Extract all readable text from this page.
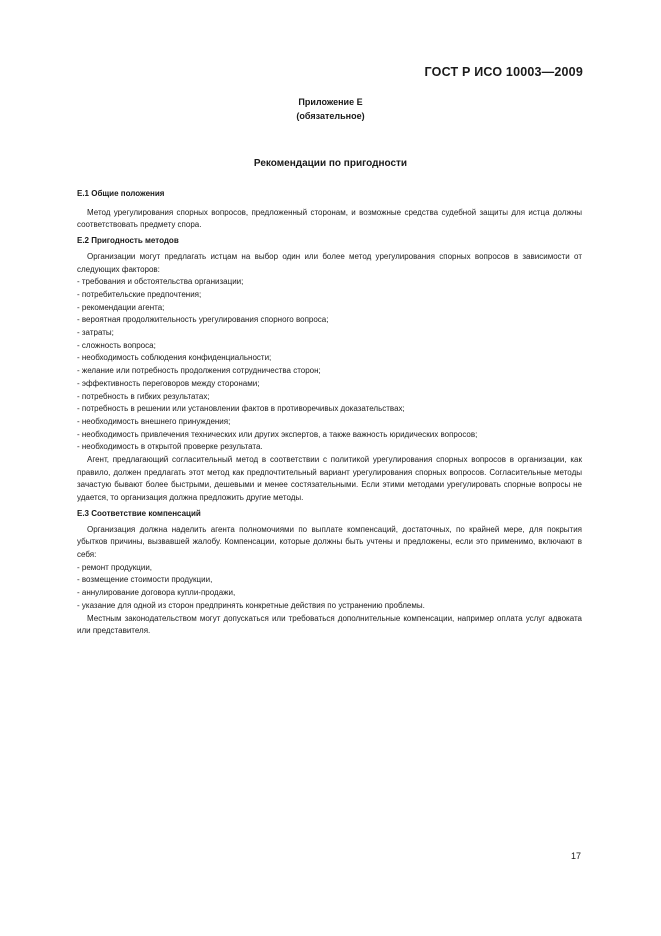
ГОСТ Р ИСО 10003—2009
Приложение Е
(обязательное)
Рекомендации по пригодности
Е.1 Общие положения
Метод урегулирования спорных вопросов, предложенный сторонам, и возможные средства судебной защиты для истца должны соответствовать предмету спора.
Е.2 Пригодность методов
Организации могут предлагать истцам на выбор один или более метод урегулирования спорных вопросов в зависимости от следующих факторов:
- требования и обстоятельства организации;
- потребительские предпочтения;
- рекомендации агента;
- вероятная продолжительность урегулирования спорного вопроса;
- затраты;
- сложность вопроса;
- необходимость соблюдения конфиденциальности;
- желание или потребность продолжения сотрудничества сторон;
- эффективность переговоров между сторонами;
- потребность в гибких результатах;
- потребность в решении или установлении фактов в противоречивых доказательствах;
- необходимость внешнего принуждения;
- необходимость привлечения технических или других экспертов, а также важность юридических вопросов;
- необходимость в открытой проверке результата.
Агент, предлагающий согласительный метод в соответствии с политикой урегулирования спорных вопросов в организации, как правило, должен предлагать этот метод как предпочтительный вариант урегулирования спорных вопросов. Согласительные методы зачастую бывают более быстрыми, дешевыми и менее состязательными. Если этими методами урегулировать спорные вопросы не удается, то организация должна предложить другие методы.
Е.3 Соответствие компенсаций
Организация должна наделить агента полномочиями по выплате компенсаций, достаточных, по крайней мере, для покрытия убытков причины, вызвавшей жалобу. Компенсации, которые должны быть учтены и предложены, если это применимо, включают в себя:
- ремонт продукции,
- возмещение стоимости продукции,
- аннулирование договора купли-продажи,
- указание для одной из сторон предпринять конкретные действия по устранению проблемы.
Местным законодательством могут допускаться или требоваться дополнительные компенсации, например оплата услуг адвоката или представителя.
17
